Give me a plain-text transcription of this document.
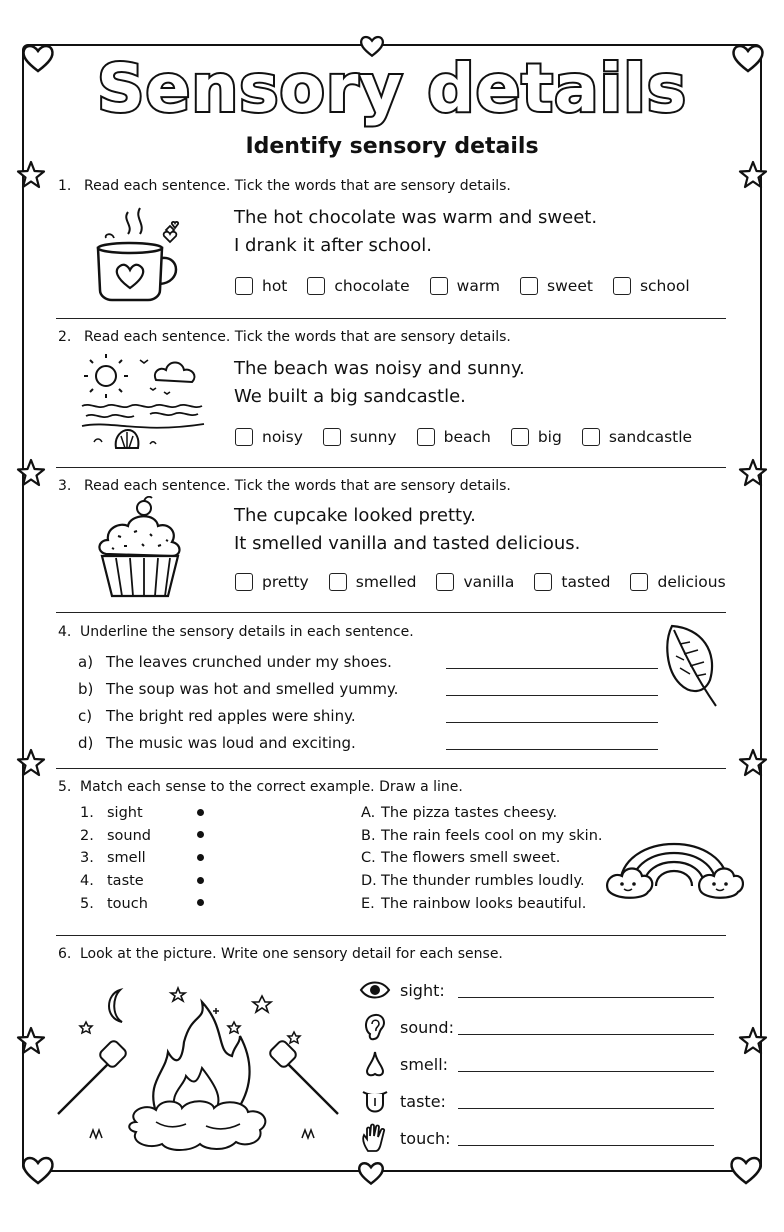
Sensory details
Identify sensory details
1. Read each sentence. Tick the words that are sensory details.
The hot chocolate was warm and sweet.
I drank it after school.
hot	chocolate	warm	sweet	school
2. Read each sentence. Tick the words that are sensory details.
The beach was noisy and sunny.
We built a big sandcastle.
noisy	sunny	beach	big	sandcastle
3. Read each sentence. Tick the words that are sensory details.
The cupcake looked pretty.
It smelled vanilla and tasted delicious.
pretty	smelled	vanilla	tasted	delicious
4. Underline the sensory details in each sentence.
a) The leaves crunched under my shoes.
b) The soup was hot and smelled yummy.
c) The bright red apples were shiny.
d) The music was loud and exciting.
5. Match each sense to the correct example. Draw a line.
1. sight
2. sound
3. smell
4. taste
5. touch
A. The pizza tastes cheesy.
B. The rain feels cool on my skin.
C. The flowers smell sweet.
D. The thunder rumbles loudly.
E. The rainbow looks beautiful.
6. Look at the picture. Write one sensory detail for each sense.
sight:
sound:
smell:
taste:
touch:
